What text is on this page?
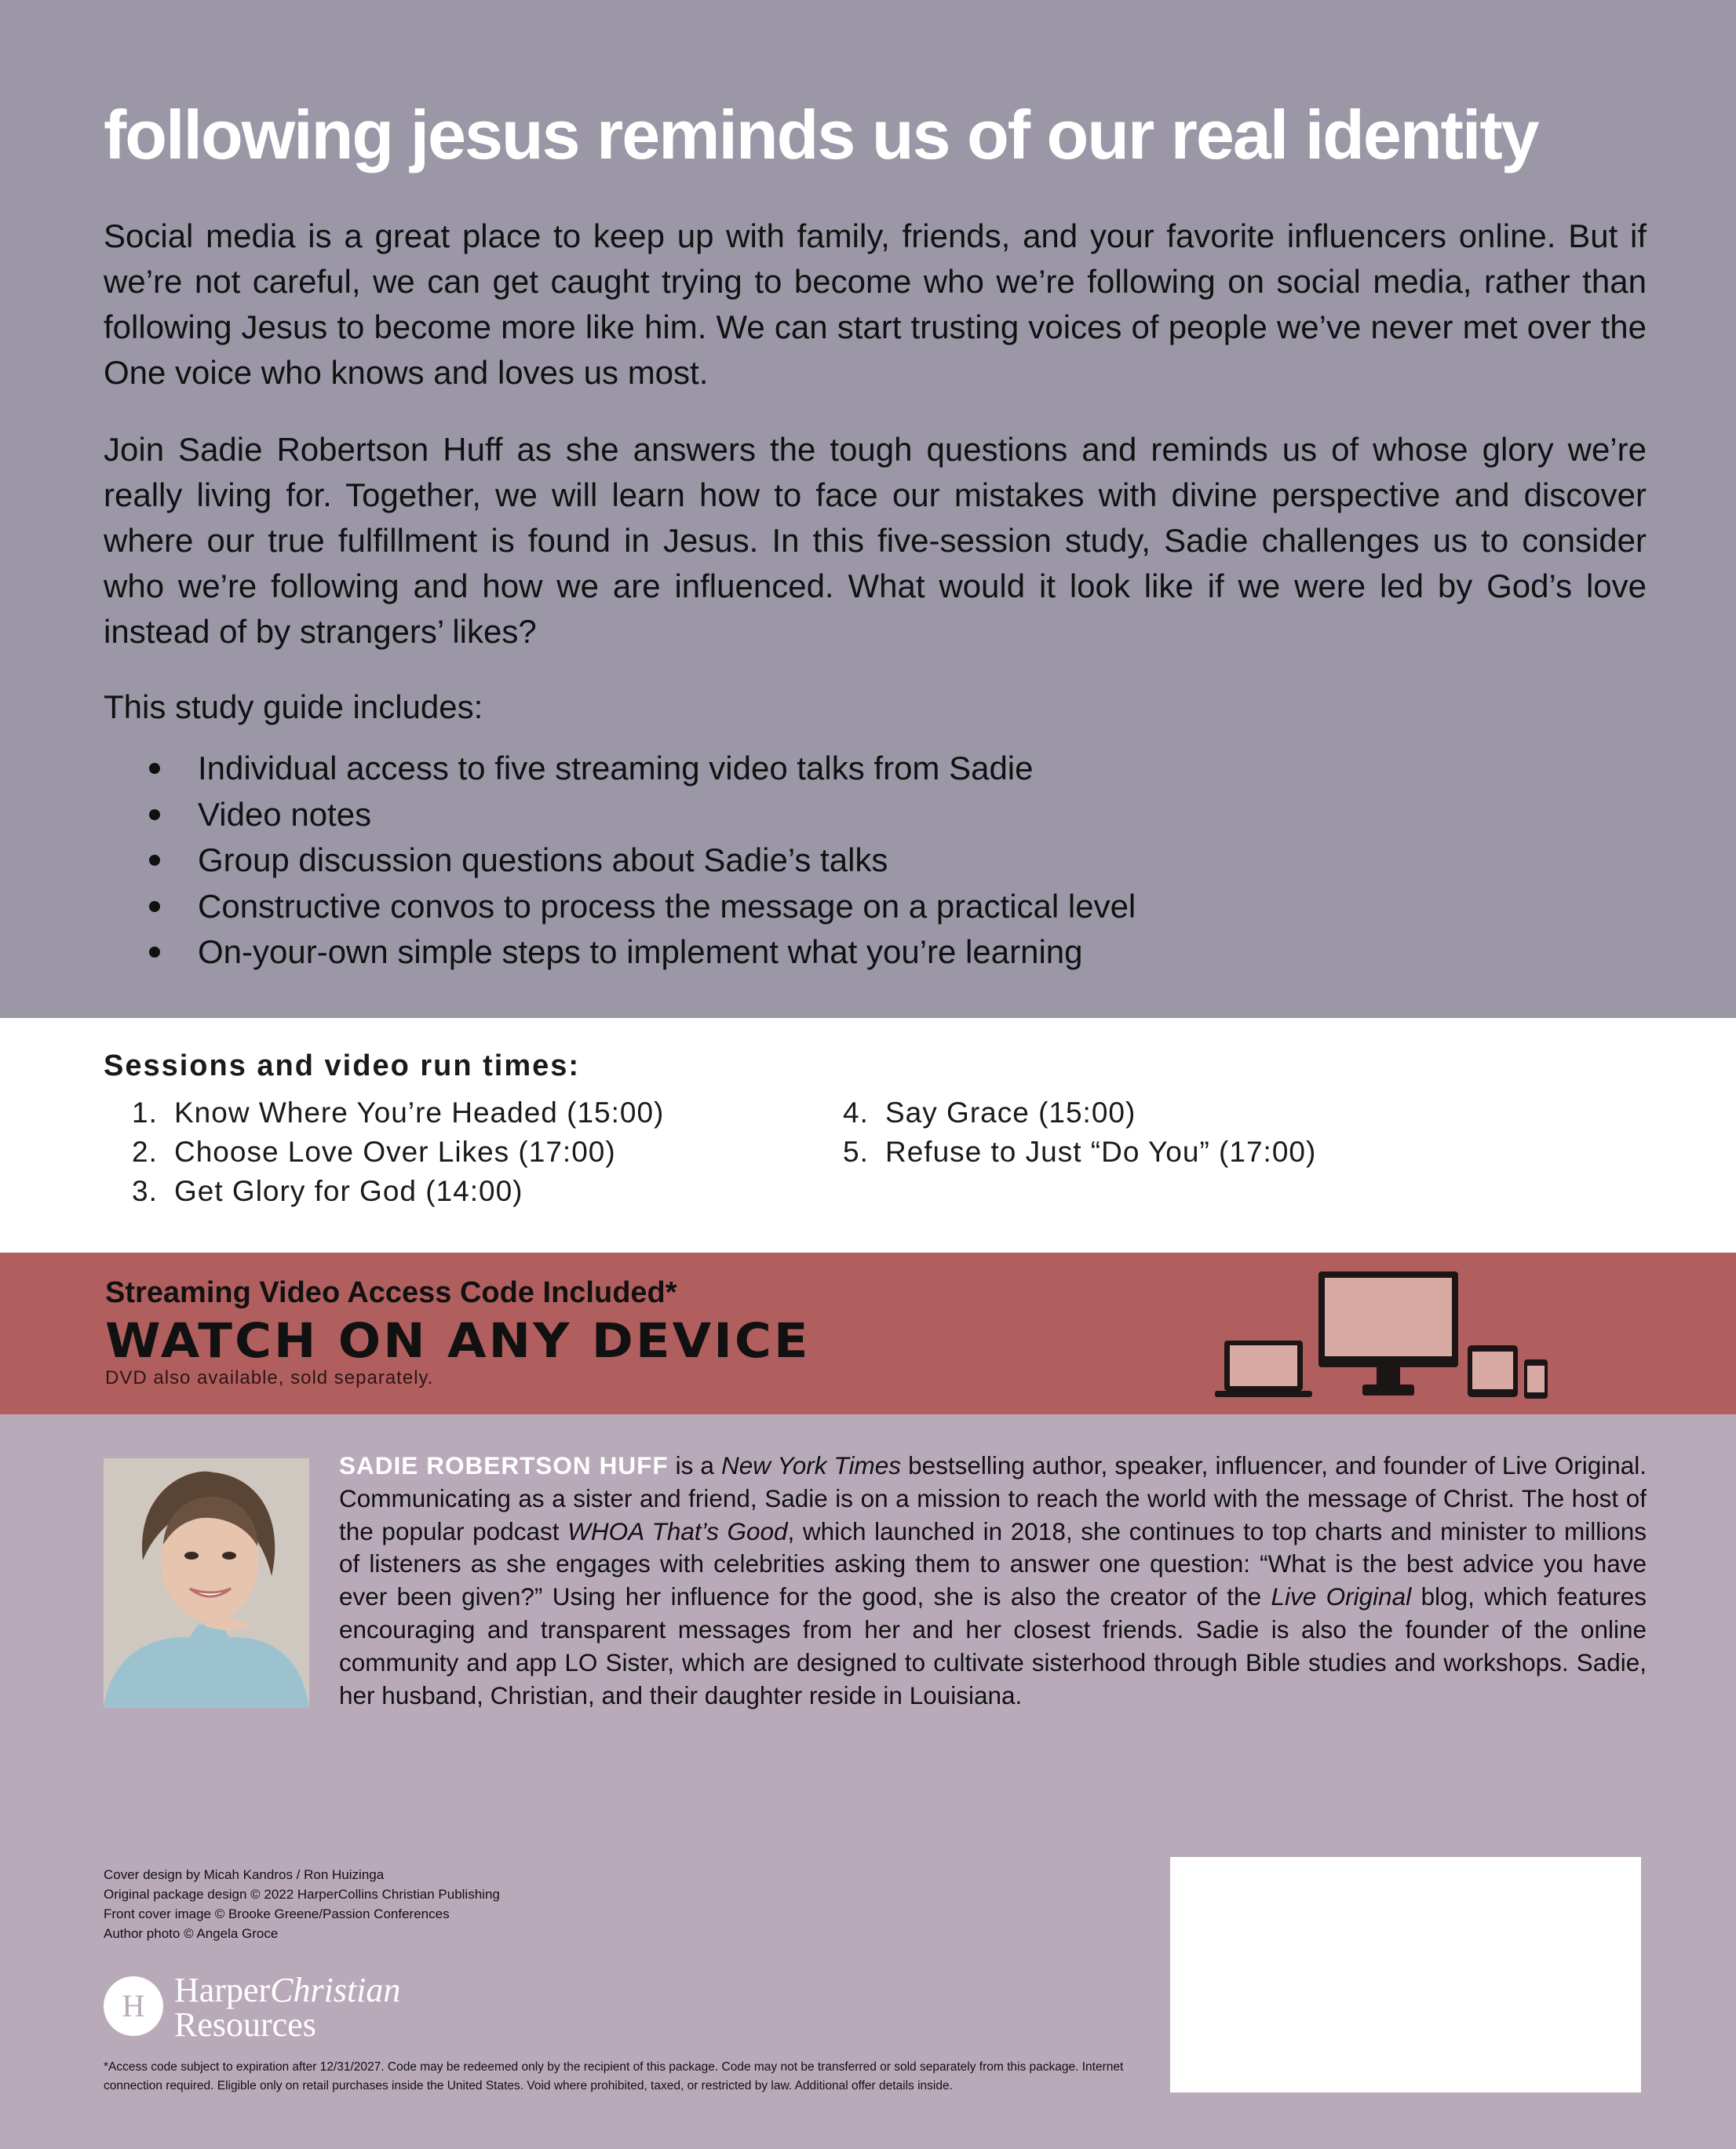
following jesus reminds us of our real identity

Social media is a great place to keep up with family, friends, and your favorite influencers online. But if we’re not careful, we can get caught trying to become who we’re following on social media, rather than following Jesus to become more like him. We can start trusting voices of people we’ve never met over the One voice who knows and loves us most.

Join Sadie Robertson Huff as she answers the tough questions and reminds us of whose glory we’re really living for. Together, we will learn how to face our mistakes with divine perspective and discover where our true fulfillment is found in Jesus. In this five-session study, Sadie challenges us to consider who we’re following and how we are influenced. What would it look like if we were led by God’s love instead of by strangers’ likes?

This study guide includes:

Individual access to five streaming video talks from Sadie
Video notes
Group discussion questions about Sadie’s talks
Constructive convos to process the message on a practical level
On-your-own simple steps to implement what you’re learning
Sessions and video run times:
1. Know Where You’re Headed (15:00)
2. Choose Love Over Likes (17:00)
3. Get Glory for God (14:00)
4. Say Grace (15:00)
5. Refuse to Just “Do You” (17:00)

Streaming Video Access Code Included*

WATCH ON ANY DEVICE

DVD also available, sold separately.

SADIE ROBERTSON HUFF is a New York Times bestselling author, speaker, influencer, and founder of Live Original. Communicating as a sister and friend, Sadie is on a mission to reach the world with the message of Christ. The host of the popular podcast WHOA That’s Good, which launched in 2018, she continues to top charts and minister to millions of listeners as she engages with celebrities asking them to answer one question: “What is the best advice you have ever been given?” Using her influence for the good, she is also the creator of the Live Original blog, which features encouraging and transparent messages from her and her closest friends. Sadie is also the founder of the online community and app LO Sister, which are designed to cultivate sisterhood through Bible studies and workshops. Sadie, her husband, Christian, and their daughter reside in Louisiana.

Cover design by Micah Kandros / Ron Huizinga
Original package design © 2022 HarperCollins Christian Publishing
Front cover image © Brooke Greene/Passion Conferences
Author photo © Angela Groce
H HarperChristian
Resources

*Access code subject to expiration after 12/31/2027. Code may be redeemed only by the recipient of this package. Code may not be transferred or sold separately from this package. Internet connection required. Eligible only on retail purchases inside the United States. Void where prohibited, taxed, or restricted by law. Additional offer details inside.
